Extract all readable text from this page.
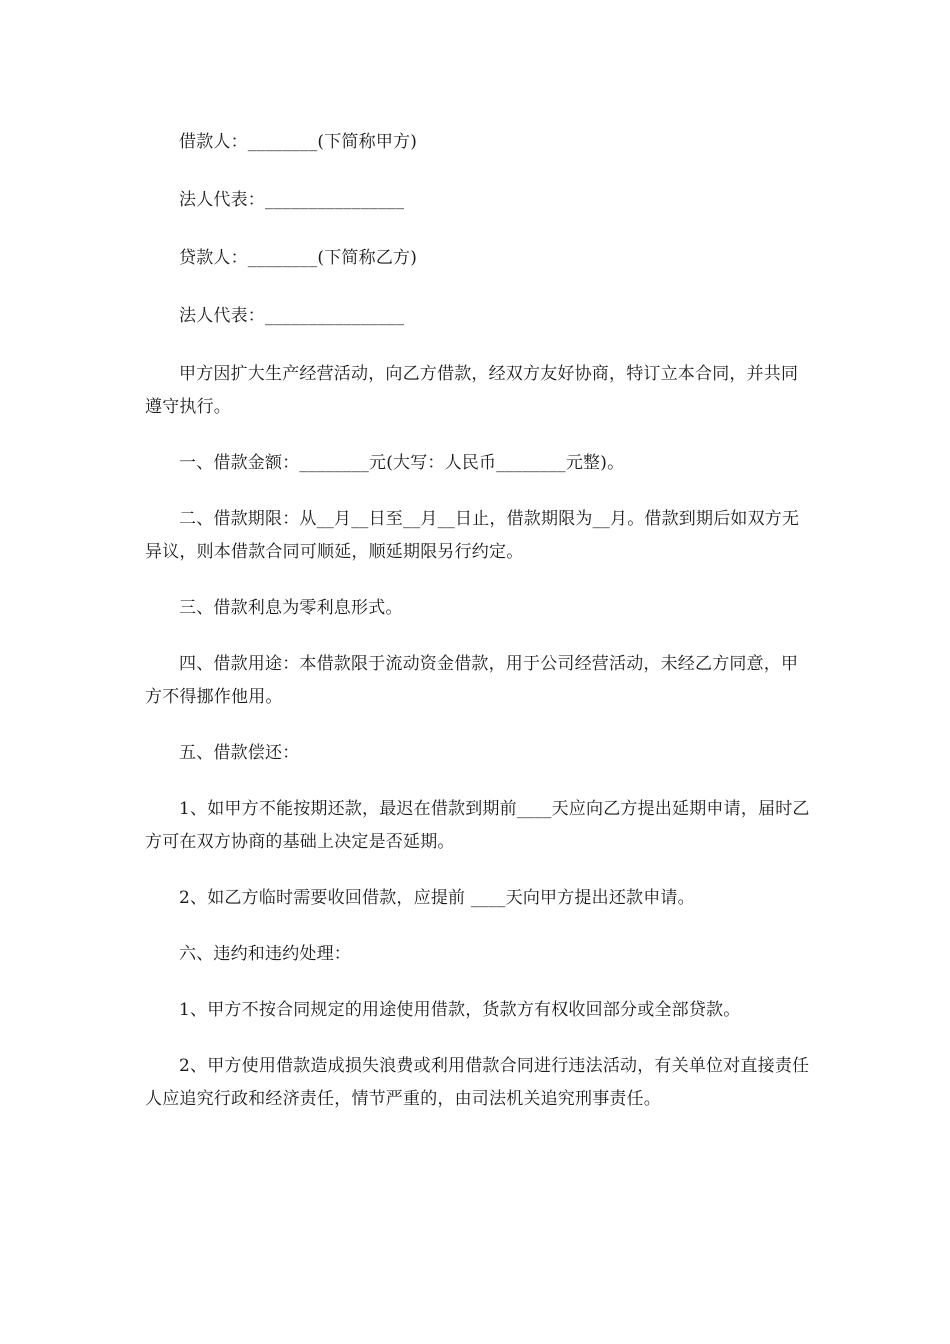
借款人：________(下简称甲方)

法人代表：________________

贷款人：________(下简称乙方)

法人代表：________________

甲方因扩大生产经营活动，向乙方借款，经双方友好协商，特订立本合同，并共同遵守执行。

一、借款金额：________元(大写：人民币________元整)。

二、借款期限：从__月__日至__月__日止，借款期限为__月。借款到期后如双方无异议，则本借款合同可顺延，顺延期限另行约定。

三、借款利息为零利息形式。

四、借款用途：本借款限于流动资金借款，用于公司经营活动，未经乙方同意，甲方不得挪作他用。

五、借款偿还：

1、如甲方不能按期还款，最迟在借款到期前____天应向乙方提出延期申请，届时乙方可在双方协商的基础上决定是否延期。

2、如乙方临时需要收回借款，应提前 ____天向甲方提出还款申请。

六、违约和违约处理：

1、甲方不按合同规定的用途使用借款，货款方有权收回部分或全部贷款。

2、甲方使用借款造成损失浪费或利用借款合同进行违法活动，有关单位对直接责任人应追究行政和经济责任，情节严重的，由司法机关追究刑事责任。
